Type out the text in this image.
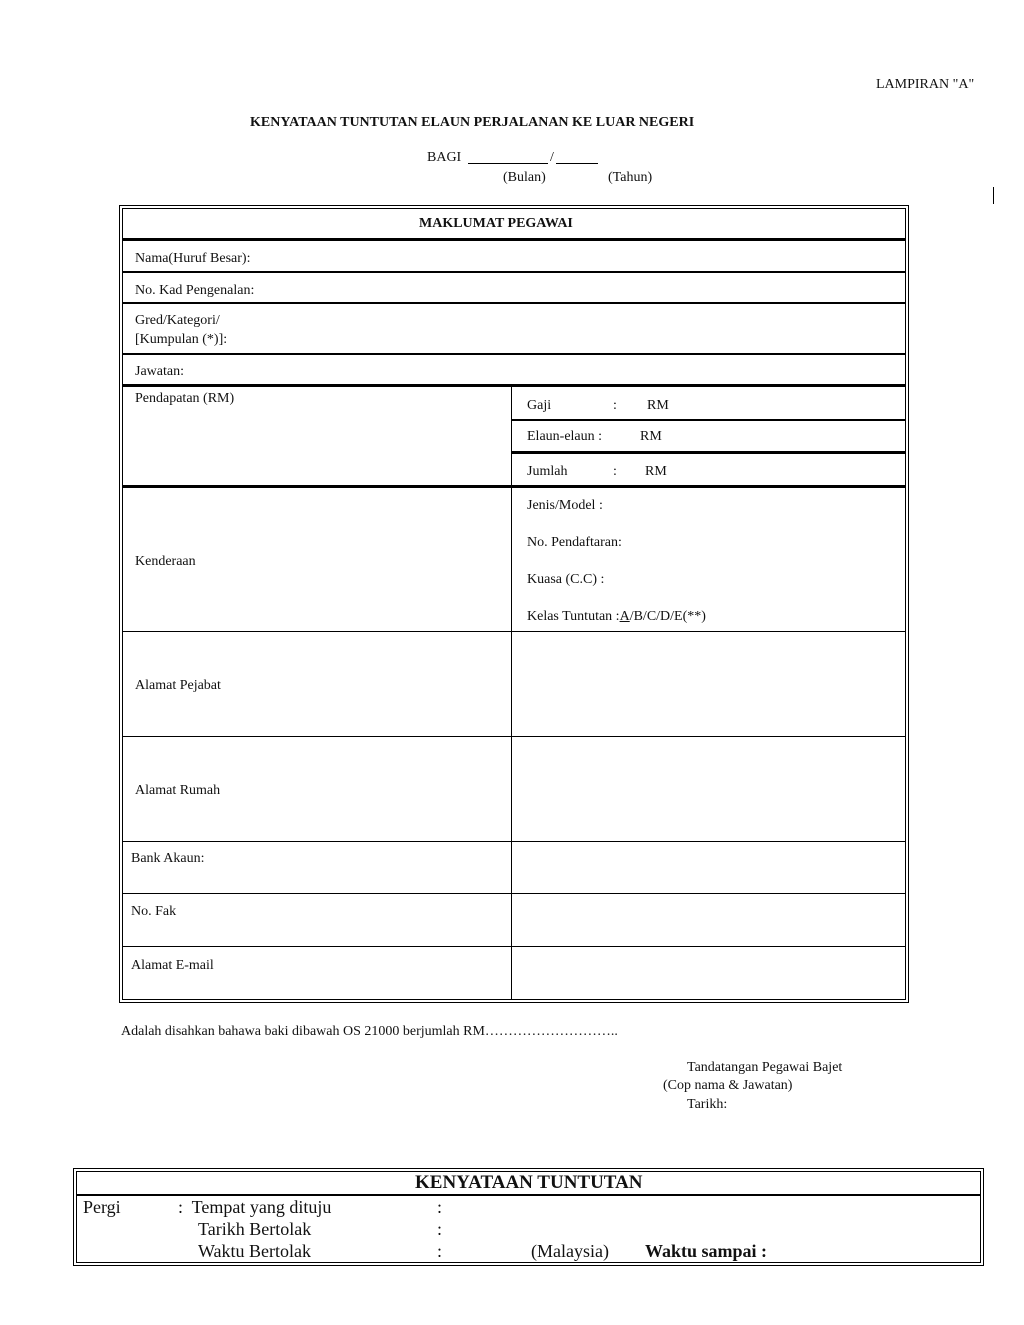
LAMPIRAN "A"
KENYATAAN TUNTUTAN ELAUN PERJALANAN KE LUAR NEGERI
BAGI	/
(Bulan)	(Tahun)
MAKLUMAT PEGAWAI
Nama(Huruf Besar):
No. Kad Pengenalan:
Gred/Kategori/
[Kumpulan (*)]:
Jawatan:
Pendapatan (RM)	Gaji	: RM
Elaun-elaun :	RM
Jumlah	: RM
Kenderaan
Jenis/Model :
No. Pendaftaran:
Kuasa (C.C) :
Kelas Tuntutan :A/B/C/D/E(**)
Alamat Pejabat
Alamat Rumah
Bank Akaun:
No. Fak
Alamat E-mail
Adalah disahkan bahawa baki dibawah OS 21000 berjumlah RM………………………..
Tandatangan Pegawai Bajet
(Cop nama & Jawatan)
Tarikh:
KENYATAAN TUNTUTAN
Pergi	:  Tempat yang dituju	:
Tarikh Bertolak	:
Waktu Bertolak	:	(Malaysia) Waktu sampai :
